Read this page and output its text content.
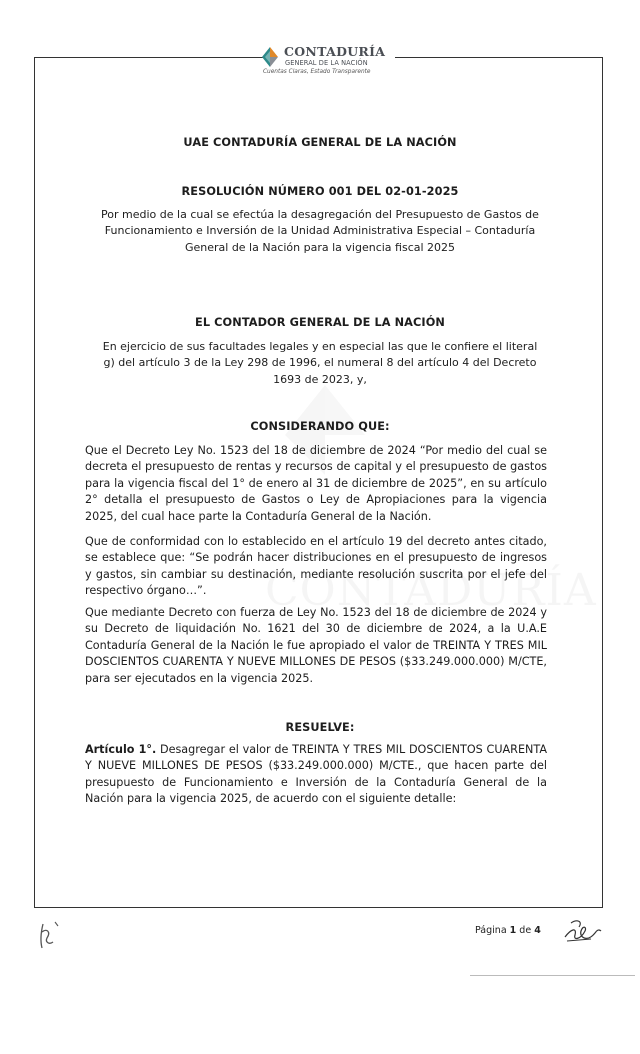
CONTADURÍA
GENERAL DE LA NACIÓN
Cuentas Claras, Estado Transparente
UAE CONTADURÍA GENERAL DE LA NACIÓN
RESOLUCIÓN NÚMERO 001 DEL 02-01-2025
Por medio de la cual se efectúa la desagregación del Presupuesto de Gastos de
Funcionamiento e Inversión de la Unidad Administrativa Especial – Contaduría
General de la Nación para la vigencia fiscal 2025
EL CONTADOR GENERAL DE LA NACIÓN
En ejercicio de sus facultades legales y en especial las que le confiere el literal
g) del artículo 3 de la Ley 298 de 1996, el numeral 8 del artículo 4 del Decreto
1693 de 2023, y,
CONSIDERANDO QUE:
Que el Decreto Ley No. 1523 del 18 de diciembre de 2024 “Por medio del cual se decreta el presupuesto de rentas y recursos de capital y el presupuesto de gastos para la vigencia fiscal del 1° de enero al 31 de diciembre de 2025”, en su artículo 2° detalla el presupuesto de Gastos o Ley de Apropiaciones para la vigencia 2025, del cual hace parte la Contaduría General de la Nación.
Que de conformidad con lo establecido en el artículo 19 del decreto antes citado, se establece que: “Se podrán hacer distribuciones en el presupuesto de ingresos y gastos, sin cambiar su destinación, mediante resolución suscrita por el jefe del respectivo órgano…”.
Que mediante Decreto con fuerza de Ley No. 1523 del 18 de diciembre de 2024 y su Decreto de liquidación No. 1621 del 30 de diciembre de 2024, a la U.A.E Contaduría General de la Nación le fue apropiado el valor de TREINTA Y TRES MIL DOSCIENTOS CUARENTA Y NUEVE MILLONES DE PESOS ($33.249.000.000) M/CTE, para ser ejecutados en la vigencia 2025.
RESUELVE:
Artículo 1°. Desagregar el valor de TREINTA Y TRES MIL DOSCIENTOS CUARENTA Y NUEVE MILLONES DE PESOS ($33.249.000.000) M/CTE., que hacen parte del presupuesto de Funcionamiento e Inversión de la Contaduría General de la Nación para la vigencia 2025, de acuerdo con el siguiente detalle:
Página 1 de 4
